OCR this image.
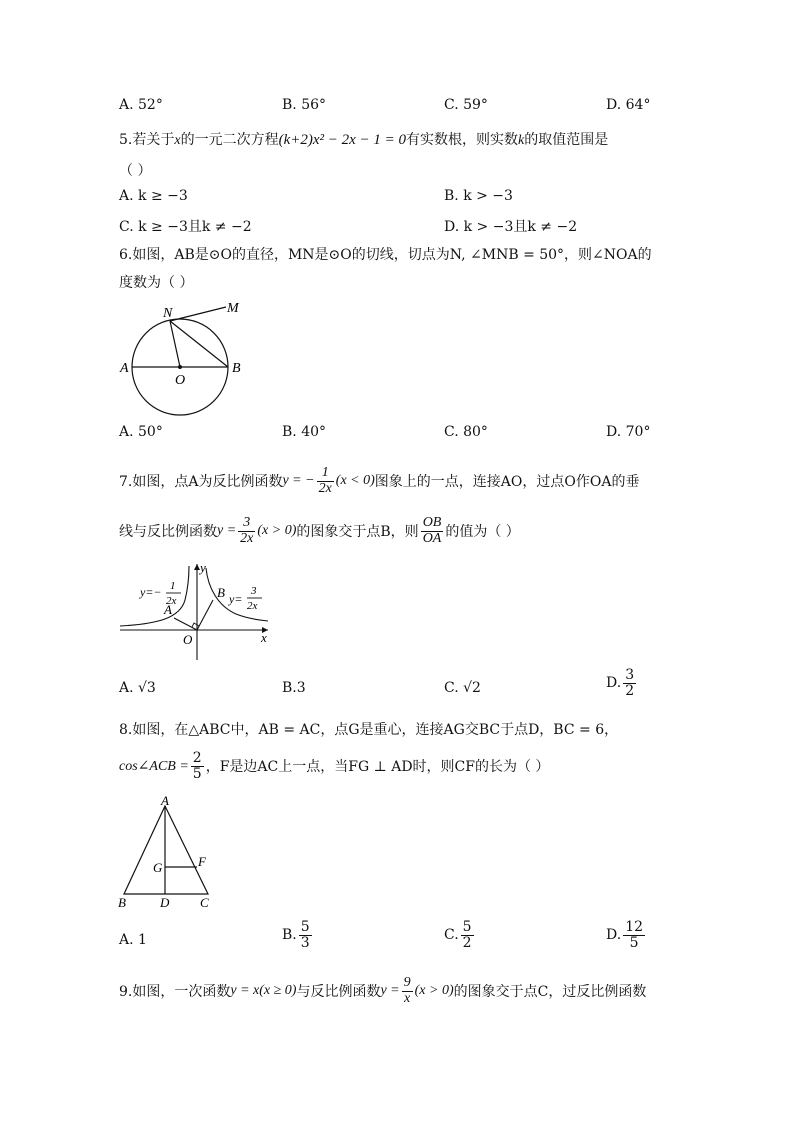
A. 52°	B. 56°	C. 59°	D. 64°
5.若关于x的一元二次方程(k+2)x² − 2x − 1 = 0有实数根，则实数k的取值范围是
（ ）
A. k ≥ −3	B. k > −3
C. k ≥ −3且k ≠ −2	D. k > −3且k ≠ −2
6.如图，AB是⊙O的直径，MN是⊙O的切线，切点为N, ∠MNB = 50°，则∠NOA的
度数为（ ）
N	M
A	B
O
A. 50°	B. 40°	C. 80°	D. 70°
7.如图，点A为反比例函数 y = − $\frac{1}{2x} (x < 0)$ 图象上的一点，连接AO，过点O作OA的垂
线与反比例函数 $y = \frac{3}{2x} (x > 0)$ 的图象交于点B，则 $\frac{OB}{OA}$ 的值为（ ）
y
x
O
A
B
y=− 1
2x	y=
3
2x
A. √3	B.3	C. √2	D. $\frac{3}{2}$
8.如图，在△ABC中，AB = AC，点G是重心，连接AG交BC于点D，BC = 6，
cos∠ACB = $\frac{2}{5}$ ，F是边AC上一点，当FG ⊥ AD时，则CF的长为（ ）
A
B	D C
G	F
A. 1	B. $\frac{5}{3}$	C. $\frac{5}{2}$	D. $\frac{12}{5}$
9.如图，一次函数 y = x(x ≥ 0) 与反比例函数 $y = \frac{9}{x} (x > 0)$ 的图象交于点C，过反比例函数
